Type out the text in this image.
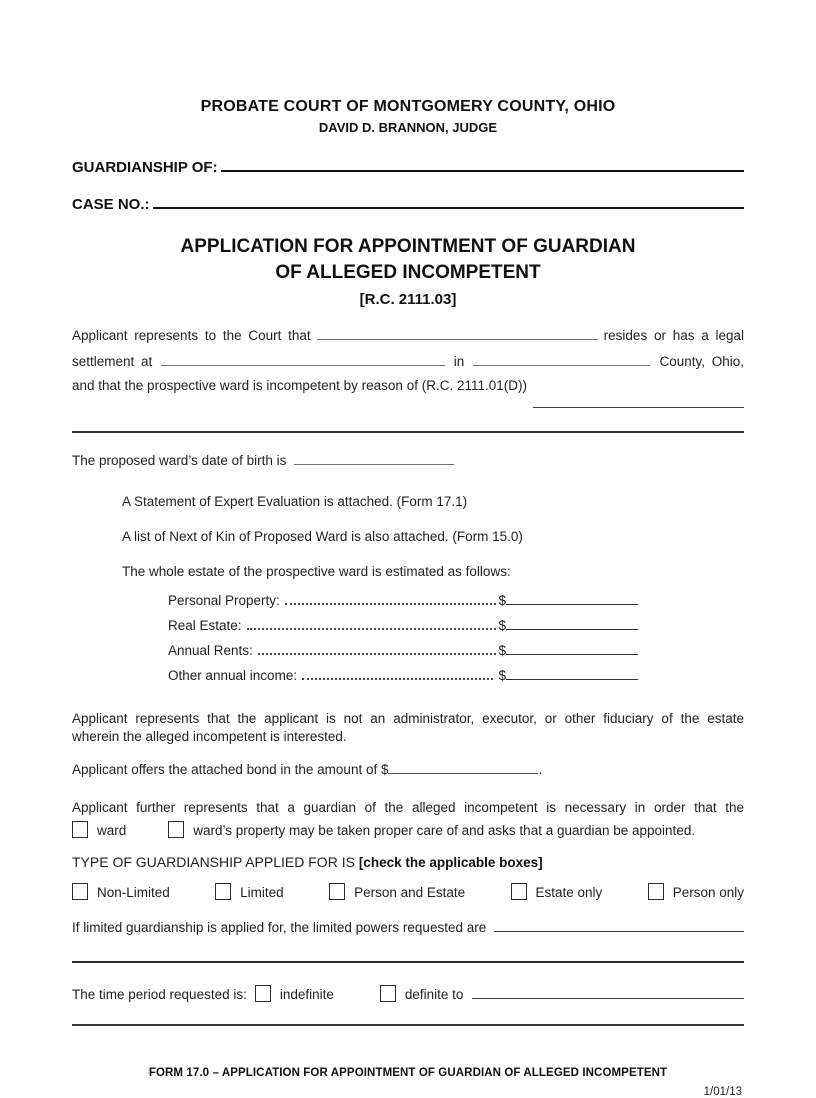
PROBATE COURT OF MONTGOMERY COUNTY, OHIO
DAVID D. BRANNON, JUDGE
GUARDIANSHIP OF:
CASE NO.:
APPLICATION FOR APPOINTMENT OF GUARDIAN
OF ALLEGED INCOMPETENT
[R.C. 2111.03]
Applicant represents to the Court that	resides or has a legal
settlement at	in	County, Ohio,
and that the prospective ward is incompetent by reason of (R.C. 2111.01(D))
The proposed ward’s date of birth is
A Statement of Expert Evaluation is attached. (Form 17.1)
A list of Next of Kin of Proposed Ward is also attached. (Form 15.0)
The whole estate of the prospective ward is estimated as follows:
Personal Property:	$
Real Estate:	$
Annual Rents:	$
Other annual income:	$
Applicant represents that the applicant is not an administrator, executor, or other fiduciary of the estate
wherein the alleged incompetent is interested.
Applicant offers the attached bond in the amount of $	.
Applicant further represents that a guardian of the alleged incompetent is necessary in order that the
ward	ward’s property may be taken proper care of and asks that a guardian be appointed.
TYPE OF GUARDIANSHIP APPLIED FOR IS [check the applicable boxes]
Non-Limited	Limited	Person and Estate	Estate only	Person only
If limited guardianship is applied for, the limited powers requested are
The time period requested is: indefinite	definite to
FORM 17.0 – APPLICATION FOR APPOINTMENT OF GUARDIAN OF ALLEGED INCOMPETENT
1/01/13
